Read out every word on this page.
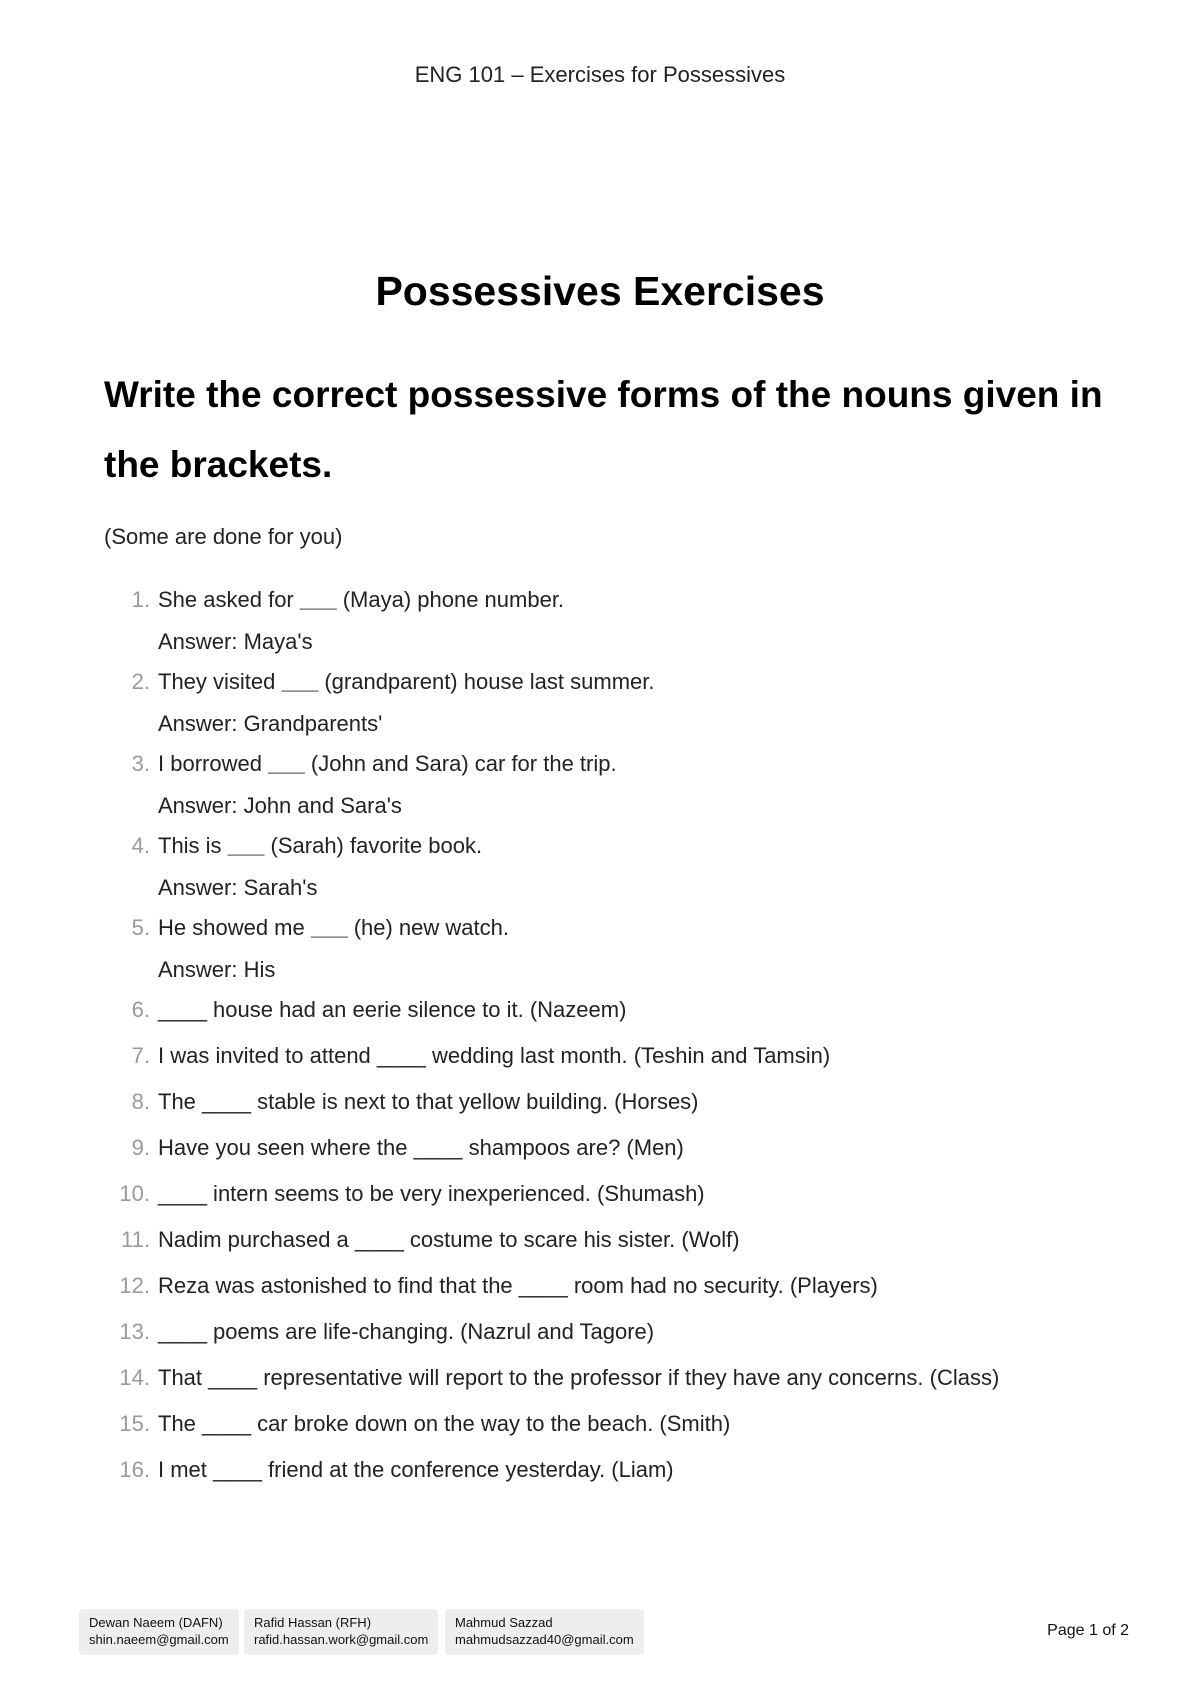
ENG 101 – Exercises for Possessives
Possessives Exercises
Write the correct possessive forms of the nouns given in the brackets.
(Some are done for you)
1. She asked for ___ (Maya) phone number.
Answer: Maya's
2. They visited ___ (grandparent) house last summer.
Answer: Grandparents'
3. I borrowed ___ (John and Sara) car for the trip.
Answer: John and Sara's
4. This is ___ (Sarah) favorite book.
Answer: Sarah's
5. He showed me ___ (he) new watch.
Answer: His
6. ____ house had an eerie silence to it. (Nazeem)
7. I was invited to attend ____ wedding last month. (Teshin and Tamsin)
8. The ____ stable is next to that yellow building. (Horses)
9. Have you seen where the ____ shampoos are? (Men)
10. ____ intern seems to be very inexperienced. (Shumash)
11. Nadim purchased a ____ costume to scare his sister. (Wolf)
12. Reza was astonished to find that the ____ room had no security. (Players)
13. ____ poems are life-changing. (Nazrul and Tagore)
14. That ____ representative will report to the professor if they have any concerns. (Class)
15. The ____ car broke down on the way to the beach. (Smith)
16. I met ____ friend at the conference yesterday. (Liam)
Dewan Naeem (DAFN)
shin.naeem@gmail.com
Rafid Hassan (RFH)
rafid.hassan.work@gmail.com
Mahmud Sazzad
mahmudsazzad40@gmail.com
Page 1 of 2
